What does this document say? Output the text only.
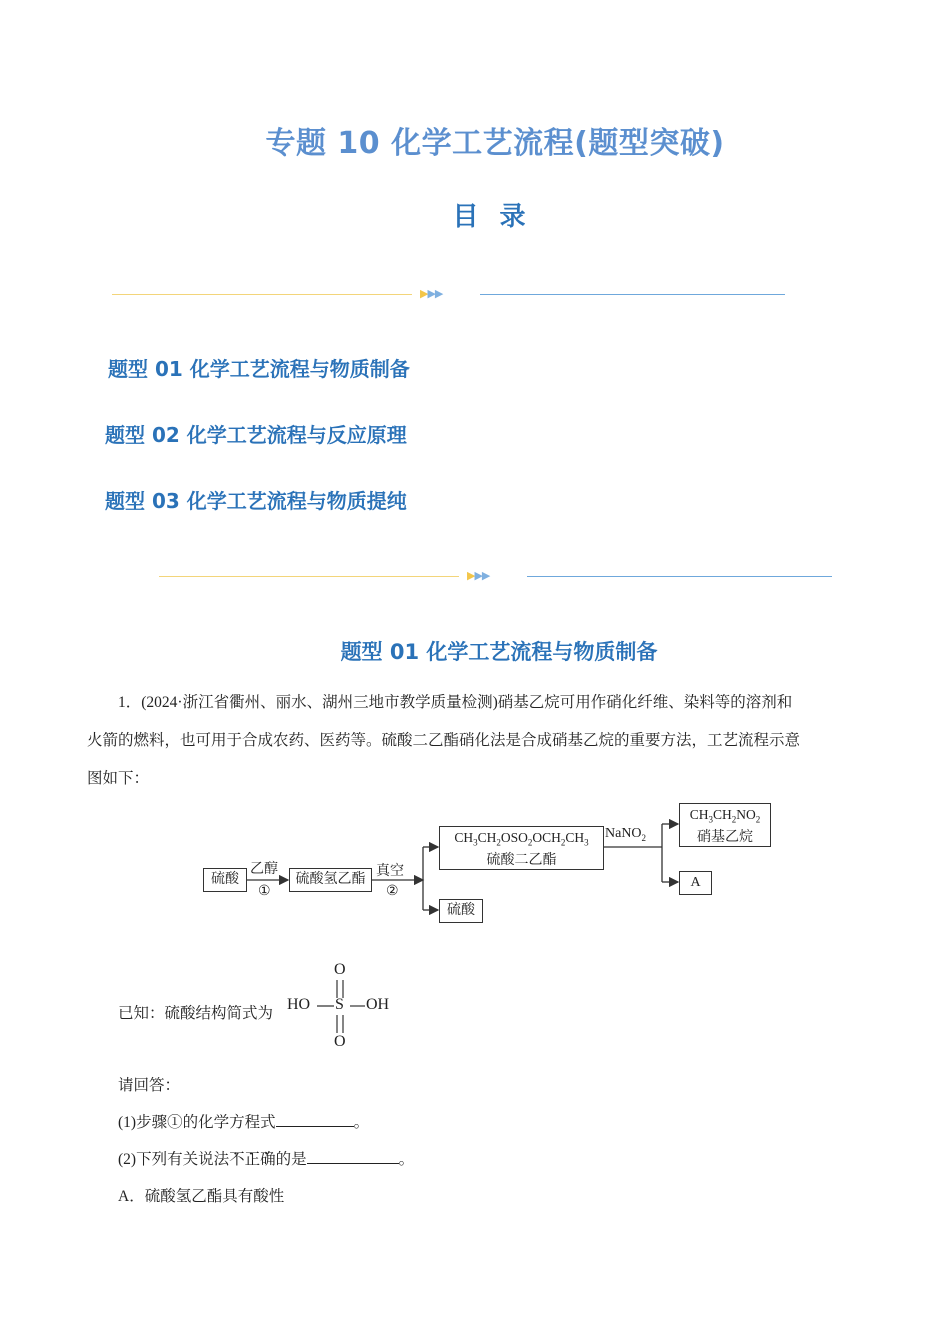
专题 10 化学工艺流程(题型突破)
目 录
▶▶▶
题型 01 化学工艺流程与物质制备
题型 02 化学工艺流程与反应原理
题型 03 化学工艺流程与物质提纯
▶▶▶
题型 01 化学工艺流程与物质制备
1．(2024·浙江省衢州、丽水、湖州三地市教学质量检测)硝基乙烷可用作硝化纤维、染料等的溶剂和
火箭的燃料，也可用于合成农药、医药等。硫酸二乙酯硝化法是合成硝基乙烷的重要方法，工艺流程示意
图如下：
硫酸
乙醇
①
硫酸氢乙酯
真空
②
$CH_3CH_2OSO_2OCH_2CH_3$
硫酸二乙酯
硫酸
NaNO$_2$
$CH_3CH_2NO_2$
硝基乙烷
A
已知：硫酸结构简式为
O
HO S OH
O
请回答：
(1)步骤①的化学方程式	。
(2)下列有关说法不正确的是	。
A．硫酸氢乙酯具有酸性
